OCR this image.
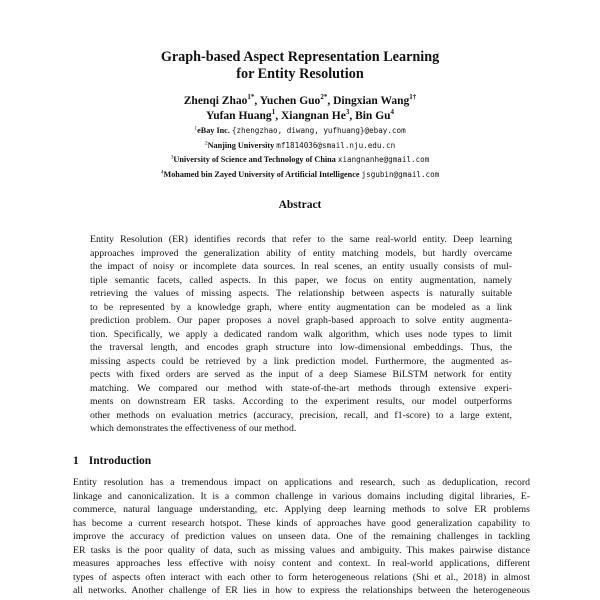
Graph-based Aspect Representation Learning
for Entity Resolution
Zhenqi Zhao$^{1*}$, Yuchen Guo$^{2*}$, Dingxian Wang$^{1\dagger}$
Yufan Huang$^1$, Xiangnan He$^3$, Bin Gu$^4$
$^1$eBay Inc. {zhengzhao, diwang, yufhuang}@ebay.com
$^2$Nanjing University mf1814036@smail.nju.edu.cn
$^3$University of Science and Technology of China xiangnanhe@gmail.com
$^4$Mohamed bin Zayed University of Artificial Intelligence jsgubin@gmail.com
Abstract
Entity Resolution (ER) identifies records that refer to the same real-world entity. Deep learning
approaches improved the generalization ability of entity matching models, but hardly overcame
the impact of noisy or incomplete data sources. In real scenes, an entity usually consists of mul-
tiple semantic facets, called aspects. In this paper, we focus on entity augmentation, namely
retrieving the values of missing aspects. The relationship between aspects is naturally suitable
to be represented by a knowledge graph, where entity augmentation can be modeled as a link
prediction problem. Our paper proposes a novel graph-based approach to solve entity augmenta-
tion. Specifically, we apply a dedicated random walk algorithm, which uses node types to limit
the traversal length, and encodes graph structure into low-dimensional embeddings. Thus, the
missing aspects could be retrieved by a link prediction model. Furthermore, the augmented as-
pects with fixed orders are served as the input of a deep Siamese BiLSTM network for entity
matching. We compared our method with state-of-the-art methods through extensive experi-
ments on downstream ER tasks. According to the experiment results, our model outperforms
other methods on evaluation metrics (accuracy, precision, recall, and f1-score) to a large extent,
which demonstrates the effectiveness of our method.
1 Introduction
Entity resolution has a tremendous impact on applications and research, such as deduplication, record
linkage and canonicalization. It is a common challenge in various domains including digital libraries, E-
commerce, natural language understanding, etc. Applying deep learning methods to solve ER problems
has become a current research hotspot. These kinds of approaches have good generalization capability to
improve the accuracy of prediction values on unseen data. One of the remaining challenges in tackling
ER tasks is the poor quality of data, such as missing values and ambiguity. This makes pairwise distance
measures approaches less effective with noisy content and context. In real-world applications, different
types of aspects often interact with each other to form heterogeneous relations (Shi et al., 2018) in almost
all networks. Another challenge of ER lies in how to express the relationships between the heterogeneous
